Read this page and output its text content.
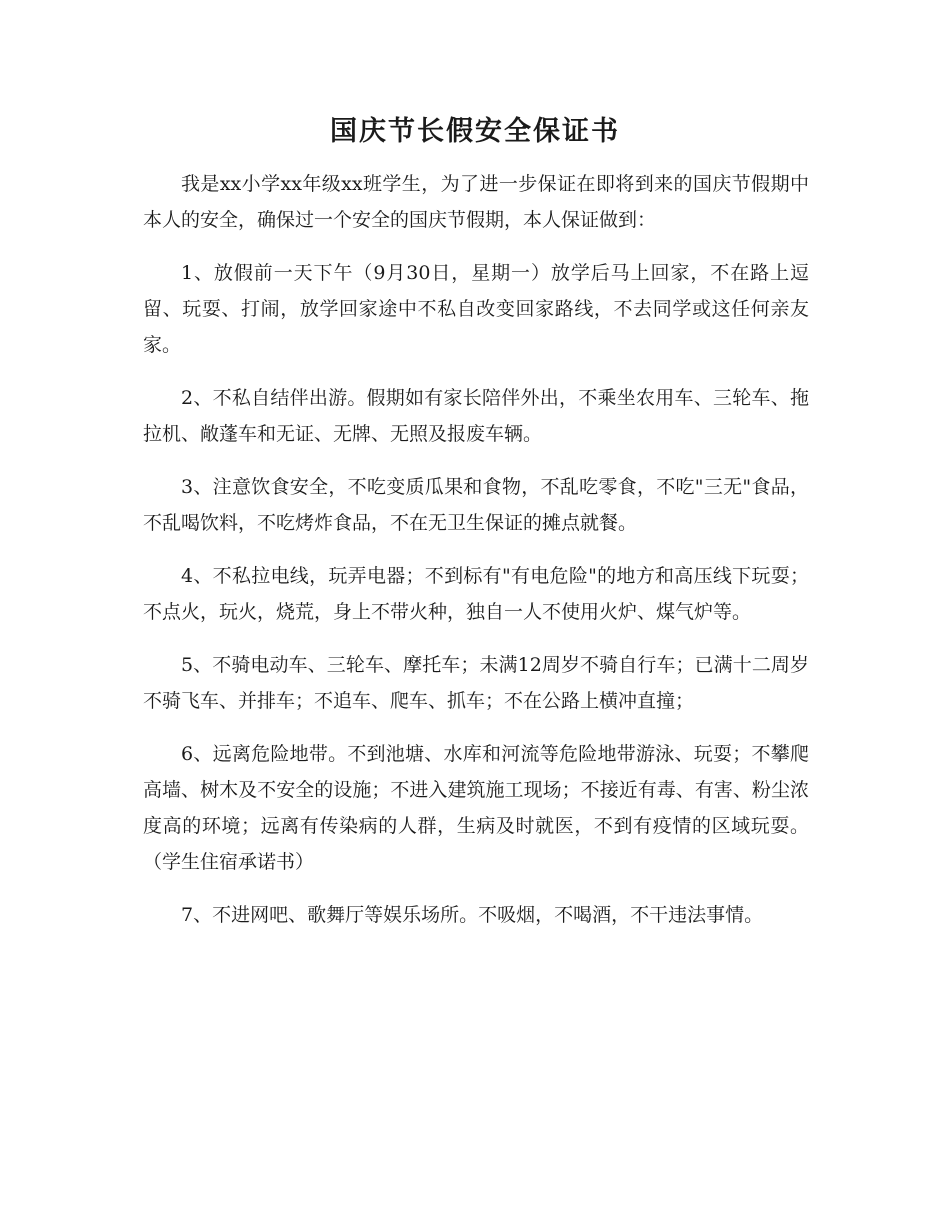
国庆节长假安全保证书

我是xx小学xx年级xx班学生，为了进一步保证在即将到来的国庆节假期中本人的安全，确保过一个安全的国庆节假期，本人保证做到：

1、放假前一天下午（9月30日，星期一）放学后马上回家，不在路上逗留、玩耍、打闹，放学回家途中不私自改变回家路线，不去同学或这任何亲友家。

2、不私自结伴出游。假期如有家长陪伴外出，不乘坐农用车、三轮车、拖拉机、敞蓬车和无证、无牌、无照及报废车辆。

3、注意饮食安全，不吃变质瓜果和食物，不乱吃零食，不吃"三无"食品，不乱喝饮料，不吃烤炸食品，不在无卫生保证的摊点就餐。

4、不私拉电线，玩弄电器；不到标有"有电危险"的地方和高压线下玩耍；不点火，玩火，烧荒，身上不带火种，独自一人不使用火炉、煤气炉等。

5、不骑电动车、三轮车、摩托车；未满12周岁不骑自行车；已满十二周岁不骑飞车、并排车；不追车、爬车、抓车；不在公路上横冲直撞；

6、远离危险地带。不到池塘、水库和河流等危险地带游泳、玩耍；不攀爬高墙、树木及不安全的设施；不进入建筑施工现场；不接近有毒、有害、粉尘浓度高的环境；远离有传染病的人群，生病及时就医，不到有疫情的区域玩耍。（学生住宿承诺书）

7、不进网吧、歌舞厅等娱乐场所。不吸烟，不喝酒，不干违法事情。
